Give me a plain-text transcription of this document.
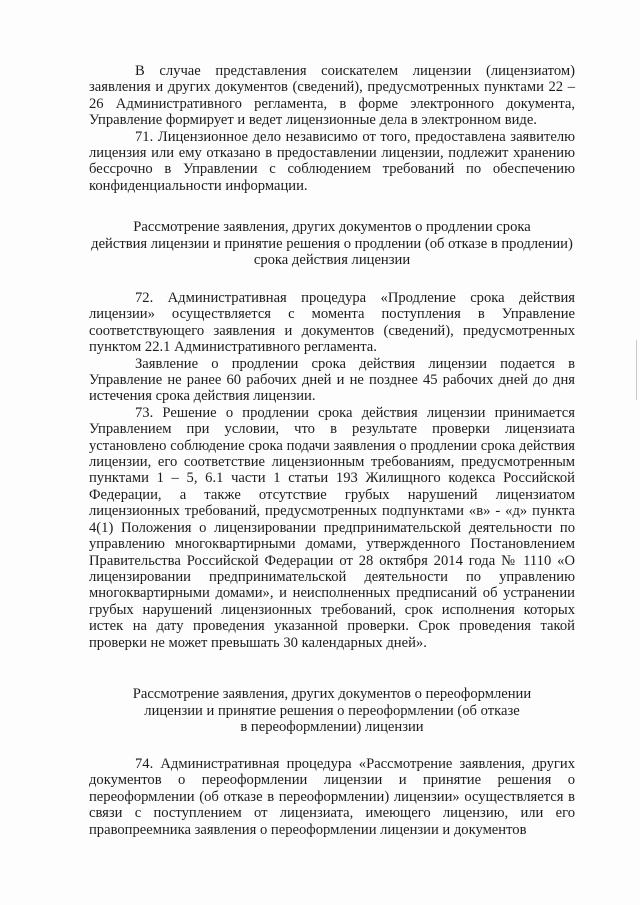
В случае представления соискателем лицензии (лицензиатом) заявления и других документов (сведений), предусмотренных пунктами 22 – 26 Административного регламента, в форме электронного документа, Управление формирует и ведет лицензионные дела в электронном виде.

71. Лицензионное дело независимо от того, предоставлена заявителю лицензия или ему отказано в предоставлении лицензии, подлежит хранению бессрочно в Управлении с соблюдением требований по обеспечению конфиденциальности информации.

Рассмотрение заявления, других документов о продлении срока
действия лицензии и принятие решения о продлении (об отказе в продлении)
срока действия лицензии

72. Административная процедура «Продление срока действия лицензии» осуществляется с момента поступления в Управление соответствующего заявления и документов (сведений), предусмотренных пунктом 22.1 Административного регламента.

Заявление о продлении срока действия лицензии подается в Управление не ранее 60 рабочих дней и не позднее 45 рабочих дней до дня истечения срока действия лицензии.

73. Решение о продлении срока действия лицензии принимается Управлением при условии, что в результате проверки лицензиата установлено соблюдение срока подачи заявления о продлении срока действия лицензии, его соответствие лицензионным требованиям, предусмотренным пунктами 1 – 5, 6.1 части 1 статьи 193 Жилищного кодекса Российской Федерации, а также отсутствие грубых нарушений лицензиатом лицензионных требований, предусмотренных подпунктами «в» - «д» пункта 4(1) Положения о лицензировании предпринимательской деятельности по управлению многоквартирными домами, утвержденного Постановлением Правительства Российской Федерации от 28 октября 2014 года № 1110 «О лицензировании предпринимательской деятельности по управлению многоквартирными домами», и неисполненных предписаний об устранении грубых нарушений лицензионных требований, срок исполнения которых истек на дату проведения указанной проверки. Срок проведения такой проверки не может превышать 30 календарных дней».

Рассмотрение заявления, других документов о переоформлении
лицензии и принятие решения о переоформлении (об отказе
в переоформлении) лицензии

74. Административная процедура «Рассмотрение заявления, других документов о переоформлении лицензии и принятие решения о переоформлении (об отказе в переоформлении) лицензии» осуществляется в связи с поступлением от лицензиата, имеющего лицензию, или его правопреемника заявления о переоформлении лицензии и документов
